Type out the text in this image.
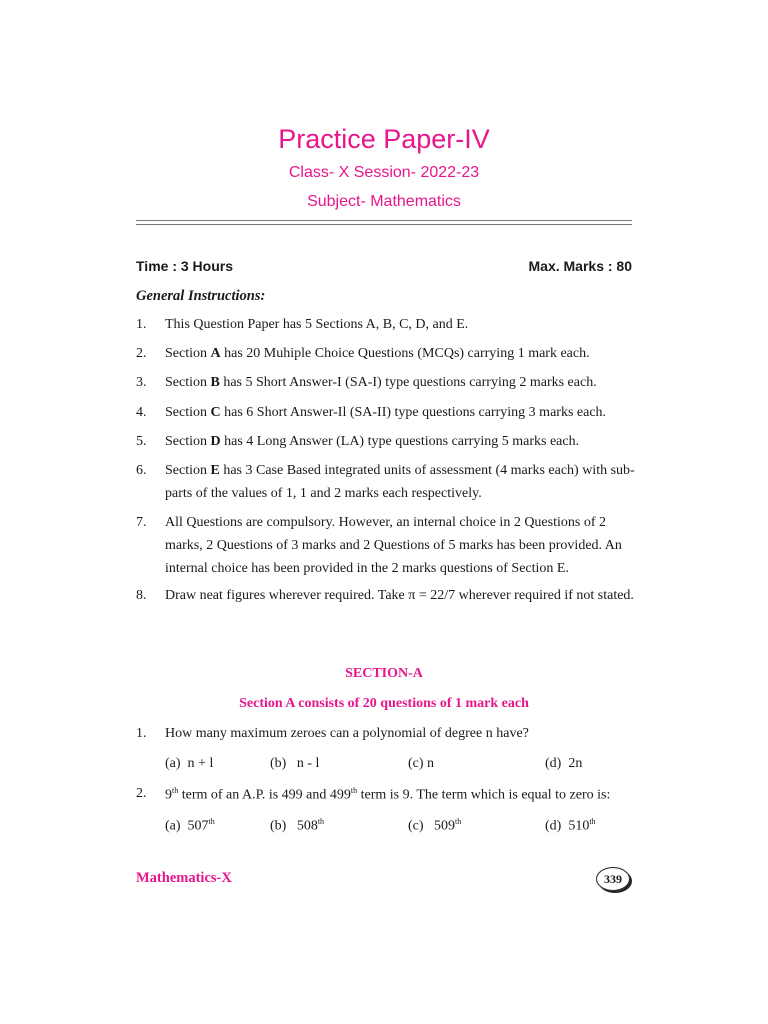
Practice Paper-IV
Class- X Session- 2022-23
Subject- Mathematics
Time : 3 Hours	Max. Marks : 80
General Instructions:
1.	This Question Paper has 5 Sections A, B, C, D, and E.
2.	Section A has 20 Muhiple Choice Questions (MCQs) carrying 1 mark each.
3.	Section B has 5 Short Answer-I (SA-I) type questions carrying 2 marks each.
4.	Section C has 6 Short Answer-Il (SA-II) type questions carrying 3 marks each.
5.	Section D has 4 Long Answer (LA) type questions carrying 5 marks each.
6.	Section E has 3 Case Based integrated units of assessment (4 marks each) with sub-parts of the values of 1, 1 and 2 marks each respectively.
7.	All Questions are compulsory. However, an internal choice in 2 Questions of 2 marks, 2 Questions of 3 marks and 2 Questions of 5 marks has been provided. An internal choice has been provided in the 2 marks questions of Section E.
8.	Draw neat figures wherever required. Take π = 22/7 wherever required if not stated.
SECTION-A
Section A consists of 20 questions of 1 mark each
1.	How many maximum zeroes can a polynomial of degree n have?
(a) n + l	(b) n - l	(c) n	(d) 2n
2.	9th term of an A.P. is 499 and 499th term is 9. The term which is equal to zero is:
(a) 507th	(b) 508th	(c) 509th	(d) 510th
Mathematics-X	339
